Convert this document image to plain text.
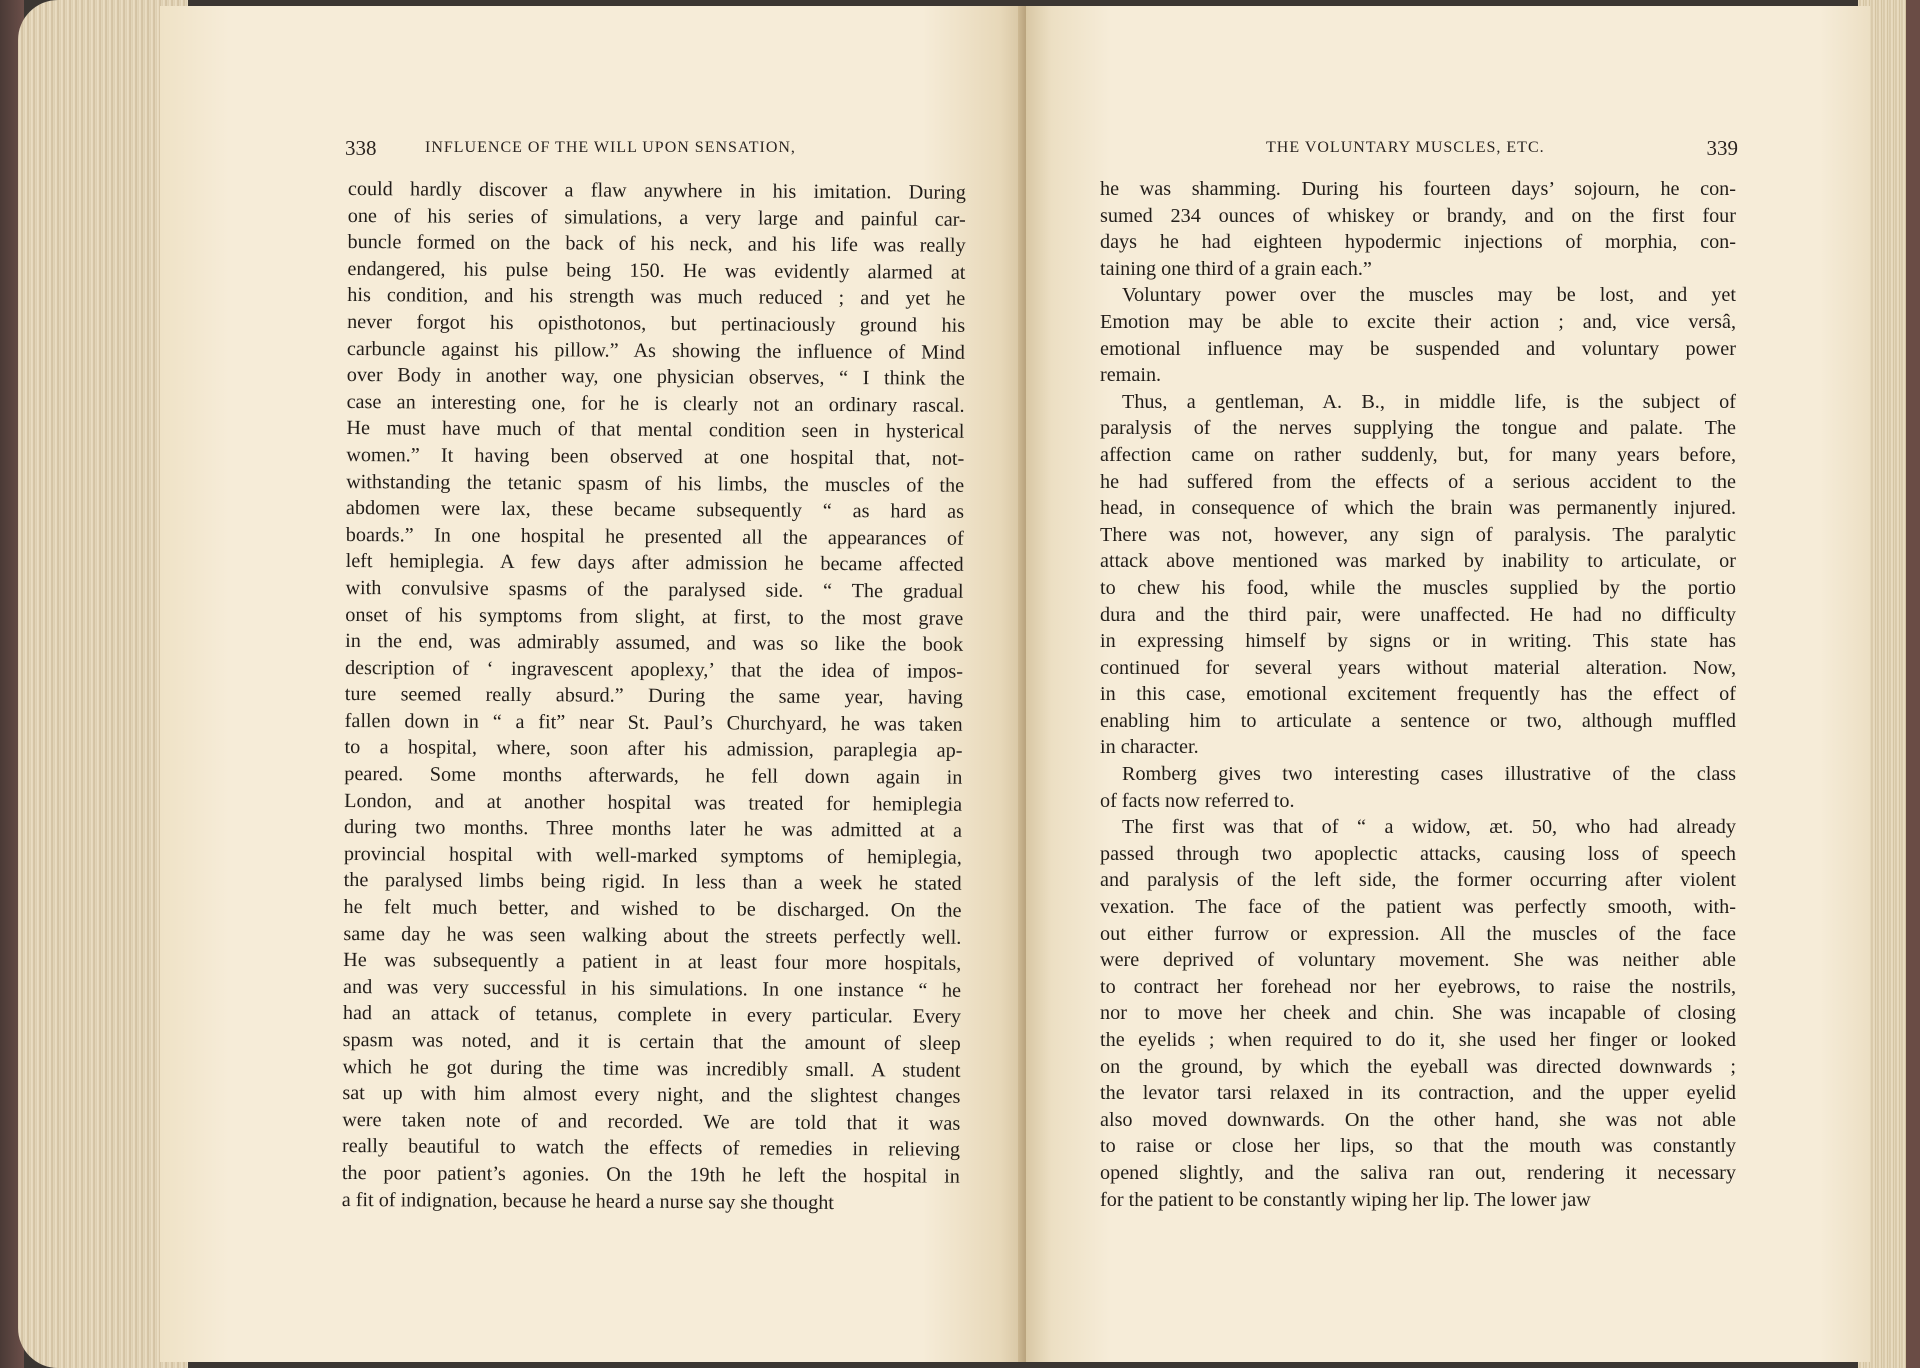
338	INFLUENCE OF THE WILL UPON SENSATION,
could hardly discover a flaw anywhere in his imitation. During
one of his series of simulations, a very large and painful car-
buncle formed on the back of his neck, and his life was really
endangered, his pulse being 150. He was evidently alarmed at
his condition, and his strength was much reduced ; and yet he
never forgot his opisthotonos, but pertinaciously ground his
carbuncle against his pillow.” As showing the influence of Mind
over Body in another way, one physician observes, “ I think the
case an interesting one, for he is clearly not an ordinary rascal.
He must have much of that mental condition seen in hysterical
women.” It having been observed at one hospital that, not-
withstanding the tetanic spasm of his limbs, the muscles of the
abdomen were lax, these became subsequently “ as hard as
boards.” In one hospital he presented all the appearances of
left hemiplegia. A few days after admission he became affected
with convulsive spasms of the paralysed side. “ The gradual
onset of his symptoms from slight, at first, to the most grave
in the end, was admirably assumed, and was so like the book
description of ‘ ingravescent apoplexy,’ that the idea of impos-
ture seemed really absurd.” During the same year, having
fallen down in “ a fit” near St. Paul’s Churchyard, he was taken
to a hospital, where, soon after his admission, paraplegia ap-
peared. Some months afterwards, he fell down again in
London, and at another hospital was treated for hemiplegia
during two months. Three months later he was admitted at a
provincial hospital with well-marked symptoms of hemiplegia,
the paralysed limbs being rigid. In less than a week he stated
he felt much better, and wished to be discharged. On the
same day he was seen walking about the streets perfectly well.
He was subsequently a patient in at least four more hospitals,
and was very successful in his simulations. In one instance “ he
had an attack of tetanus, complete in every particular. Every
spasm was noted, and it is certain that the amount of sleep
which he got during the time was incredibly small. A student
sat up with him almost every night, and the slightest changes
were taken note of and recorded. We are told that it was
really beautiful to watch the effects of remedies in relieving
the poor patient’s agonies. On the 19th he left the hospital in
a fit of indignation, because he heard a nurse say she thought
THE VOLUNTARY MUSCLES, ETC.	339
he was shamming. During his fourteen days’ sojourn, he con-
sumed 234 ounces of whiskey or brandy, and on the first four
days he had eighteen hypodermic injections of morphia, con-
taining one third of a grain each.”
Voluntary power over the muscles may be lost, and yet
Emotion may be able to excite their action ; and, vice versâ,
emotional influence may be suspended and voluntary power
remain.
Thus, a gentleman, A. B., in middle life, is the subject of
paralysis of the nerves supplying the tongue and palate. The
affection came on rather suddenly, but, for many years before,
he had suffered from the effects of a serious accident to the
head, in consequence of which the brain was permanently injured.
There was not, however, any sign of paralysis. The paralytic
attack above mentioned was marked by inability to articulate, or
to chew his food, while the muscles supplied by the portio
dura and the third pair, were unaffected. He had no difficulty
in expressing himself by signs or in writing. This state has
continued for several years without material alteration. Now,
in this case, emotional excitement frequently has the effect of
enabling him to articulate a sentence or two, although muffled
in character.
Romberg gives two interesting cases illustrative of the class
of facts now referred to.
The first was that of “ a widow, æt. 50, who had already
passed through two apoplectic attacks, causing loss of speech
and paralysis of the left side, the former occurring after violent
vexation. The face of the patient was perfectly smooth, with-
out either furrow or expression. All the muscles of the face
were deprived of voluntary movement. She was neither able
to contract her forehead nor her eyebrows, to raise the nostrils,
nor to move her cheek and chin. She was incapable of closing
the eyelids ; when required to do it, she used her finger or looked
on the ground, by which the eyeball was directed downwards ;
the levator tarsi relaxed in its contraction, and the upper eyelid
also moved downwards. On the other hand, she was not able
to raise or close her lips, so that the mouth was constantly
opened slightly, and the saliva ran out, rendering it necessary
for the patient to be constantly wiping her lip. The lower jaw
